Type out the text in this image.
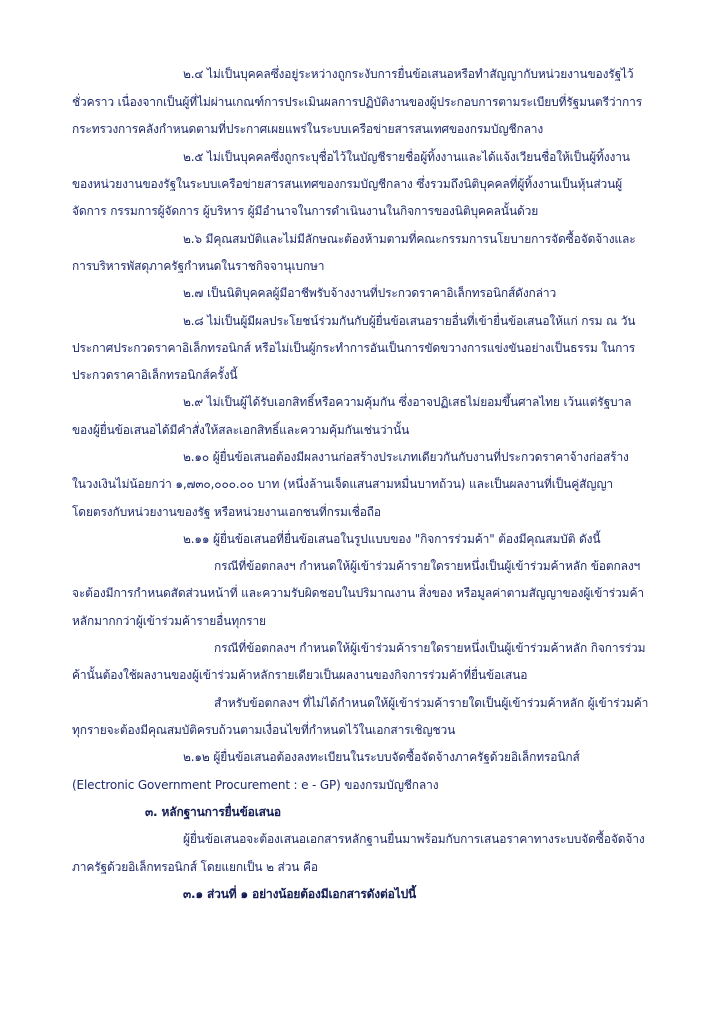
๒.๔ ไม่เป็นบุคคลซึ่งอยู่ระหว่างถูกระงับการยื่นข้อเสนอหรือทำสัญญากับหน่วยงานของรัฐไว้

ชั่วคราว เนื่องจากเป็นผู้ที่ไม่ผ่านเกณฑ์การประเมินผลการปฏิบัติงานของผู้ประกอบการตามระเบียบที่รัฐมนตรีว่าการ

กระทรวงการคลังกำหนดตามที่ประกาศเผยแพร่ในระบบเครือข่ายสารสนเทศของกรมบัญชีกลาง

๒.๕ ไม่เป็นบุคคลซึ่งถูกระบุชื่อไว้ในบัญชีรายชื่อผู้ทิ้งงานและได้แจ้งเวียนชื่อให้เป็นผู้ทิ้งงาน

ของหน่วยงานของรัฐในระบบเครือข่ายสารสนเทศของกรมบัญชีกลาง ซึ่งรวมถึงนิติบุคคลที่ผู้ทิ้งงานเป็นหุ้นส่วนผู้

จัดการ กรรมการผู้จัดการ ผู้บริหาร ผู้มีอำนาจในการดำเนินงานในกิจการของนิติบุคคลนั้นด้วย

๒.๖ มีคุณสมบัติและไม่มีลักษณะต้องห้ามตามที่คณะกรรมการนโยบายการจัดซื้อจัดจ้างและ

การบริหารพัสดุภาครัฐกำหนดในราชกิจจานุเบกษา

๒.๗ เป็นนิติบุคคลผู้มีอาชีพรับจ้างงานที่ประกวดราคาอิเล็กทรอนิกส์ดังกล่าว

๒.๘ ไม่เป็นผู้มีผลประโยชน์ร่วมกันกับผู้ยื่นข้อเสนอรายอื่นที่เข้ายื่นข้อเสนอให้แก่ กรม ณ วัน

ประกาศประกวดราคาอิเล็กทรอนิกส์ หรือไม่เป็นผู้กระทำการอันเป็นการขัดขวางการแข่งขันอย่างเป็นธรรม ในการ

ประกวดราคาอิเล็กทรอนิกส์ครั้งนี้

๒.๙ ไม่เป็นผู้ได้รับเอกสิทธิ์หรือความคุ้มกัน ซึ่งอาจปฏิเสธไม่ยอมขึ้นศาลไทย เว้นแต่รัฐบาล

ของผู้ยื่นข้อเสนอได้มีคำสั่งให้สละเอกสิทธิ์และความคุ้มกันเช่นว่านั้น

๒.๑๐ ผู้ยื่นข้อเสนอต้องมีผลงานก่อสร้างประเภทเดียวกันกับงานที่ประกวดราคาจ้างก่อสร้าง

ในวงเงินไม่น้อยกว่า ๑,๗๓๐,๐๐๐.๐๐ บาท (หนึ่งล้านเจ็ดแสนสามหมื่นบาทถ้วน) และเป็นผลงานที่เป็นคู่สัญญา

โดยตรงกับหน่วยงานของรัฐ หรือหน่วยงานเอกชนที่กรมเชื่อถือ

๒.๑๑ ผู้ยื่นข้อเสนอที่ยื่นข้อเสนอในรูปแบบของ "กิจการร่วมค้า" ต้องมีคุณสมบัติ ดังนี้

กรณีที่ข้อตกลงฯ กำหนดให้ผู้เข้าร่วมค้ารายใดรายหนึ่งเป็นผู้เข้าร่วมค้าหลัก ข้อตกลงฯ

จะต้องมีการกำหนดสัดส่วนหน้าที่ และความรับผิดชอบในปริมาณงาน สิ่งของ หรือมูลค่าตามสัญญาของผู้เข้าร่วมค้า

หลักมากกว่าผู้เข้าร่วมค้ารายอื่นทุกราย

กรณีที่ข้อตกลงฯ กำหนดให้ผู้เข้าร่วมค้ารายใดรายหนึ่งเป็นผู้เข้าร่วมค้าหลัก กิจการร่วม

ค้านั้นต้องใช้ผลงานของผู้เข้าร่วมค้าหลักรายเดียวเป็นผลงานของกิจการร่วมค้าที่ยื่นข้อเสนอ

สำหรับข้อตกลงฯ ที่ไม่ได้กำหนดให้ผู้เข้าร่วมค้ารายใดเป็นผู้เข้าร่วมค้าหลัก ผู้เข้าร่วมค้า

ทุกรายจะต้องมีคุณสมบัติครบถ้วนตามเงื่อนไขที่กำหนดไว้ในเอกสารเชิญชวน

๒.๑๒ ผู้ยื่นข้อเสนอต้องลงทะเบียนในระบบจัดซื้อจัดจ้างภาครัฐด้วยอิเล็กทรอนิกส์

(Electronic Government Procurement : e - GP) ของกรมบัญชีกลาง

๓. หลักฐานการยื่นข้อเสนอ

ผู้ยื่นข้อเสนอจะต้องเสนอเอกสารหลักฐานยื่นมาพร้อมกับการเสนอราคาทางระบบจัดซื้อจัดจ้าง

ภาครัฐด้วยอิเล็กทรอนิกส์ โดยแยกเป็น ๒ ส่วน คือ

๓.๑ ส่วนที่ ๑ อย่างน้อยต้องมีเอกสารดังต่อไปนี้
